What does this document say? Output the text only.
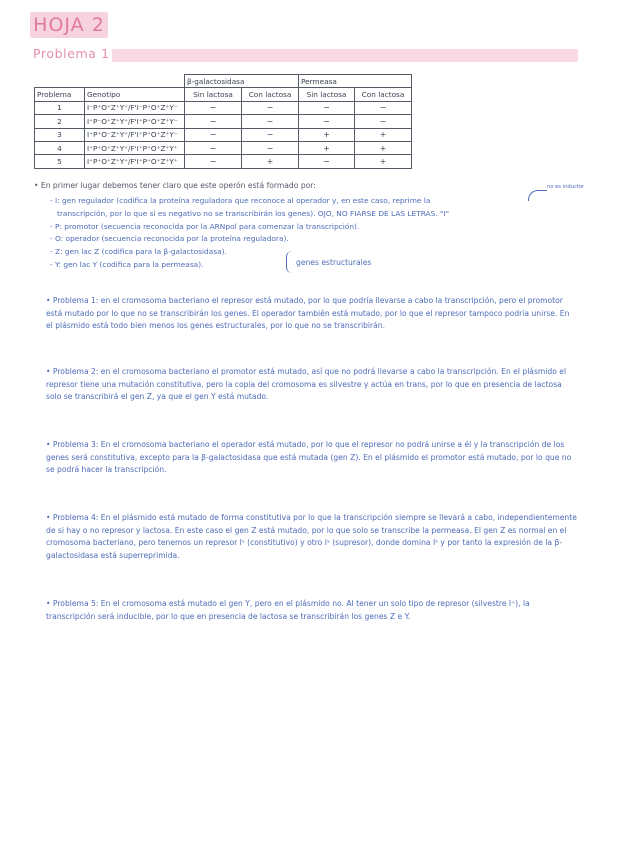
HOJA 2
Problema 1
		β-galactosidasa		Permeasa	
Problema	Genotipo	Sin lactosa	Con lactosa	Sin lactosa	Con lactosa
1	I⁻P⁺O⁺Z⁺Y⁺/F'I⁻P⁺O⁺Z⁺Y⁻	−	−	−	−
2	I⁺P⁻O⁺Z⁺Y⁺/F'I⁺P⁺O⁺Z⁺Y⁻	−	~	−	−
3	I⁺P⁺O⁻Z⁺Y⁺/F'I⁺P⁺O⁺Z⁺Y⁻	−	−	+	+
4	I⁺P⁺O⁺Z⁺Y⁺/F'I⁺P⁺O⁺Z⁺Y⁺	−	−	+	+
5	I⁺P⁺O⁺Z⁺Y⁺/F'I⁺P⁺O⁺Z⁺Y⁺	−	+	−	+
• En primer lugar debemos tener claro que este operón está formado por:	no es inductor
- I: gen regulador (codifica la proteína reguladora que reconoce al operador y, en este caso, reprime la
transcripción, por lo que si es negativo no se transcribirán los genes). OJO, NO FIARSE DE LAS LETRAS. "I"
- P: promotor (secuencia reconocida por la ARNpol para comenzar la transcripción).
- O: operador (secuencia reconocida por la proteína reguladora).
- Z: gen lac Z (codifica para la β-galactosidasa).
- Y: gen lac Y (codifica para la permeasa).	genes estructurales

• Problema 1: en el cromosoma bacteriano el represor está mutado, por lo que podría llevarse a cabo la transcripción, pero el promotor está mutado por lo que no se transcribirán los genes. El operador también está mutado, por lo que el represor tampoco podría unirse. En el plásmido está todo bien menos los genes estructurales, por lo que no se transcribirán.

• Problema 2: en el cromosoma bacteriano el promotor está mutado, así que no podrá llevarse a cabo la transcripción. En el plásmido el represor tiene una mutación constitutiva, pero la copia del cromosoma es silvestre y actúa en trans, por lo que en presencia de lactosa solo se transcribirá el gen Z, ya que el gen Y está mutado.

• Problema 3: En el cromosoma bacteriano el operador está mutado, por lo que el represor no podrá unirse a él y la transcripción de los genes será constitutiva, excepto para la β-galactosidasa que está mutada (gen Z). En el plásmido el promotor está mutado, por lo que no se podrá hacer la transcripción.

• Problema 4: En el plásmido está mutado de forma constitutiva por lo que la transcripción siempre se llevará a cabo, independientemente de si hay o no represor y lactosa. En este caso el gen Z está mutado, por lo que solo se transcribe la permeasa. El gen Z es normal en el cromosoma bacteriano, pero tenemos un represor Iˢ (constitutivo) y otro Iˢ (supresor), donde domina Iˢ y por tanto la expresión de la β-galactosidasa está superreprimida.

• Problema 5: En el cromosoma está mutado el gen Y, pero en el plásmido no. Al tener un solo tipo de represor (silvestre I⁺), la transcripción será inducible, por lo que en presencia de lactosa se transcribirán los genes Z e Y.
